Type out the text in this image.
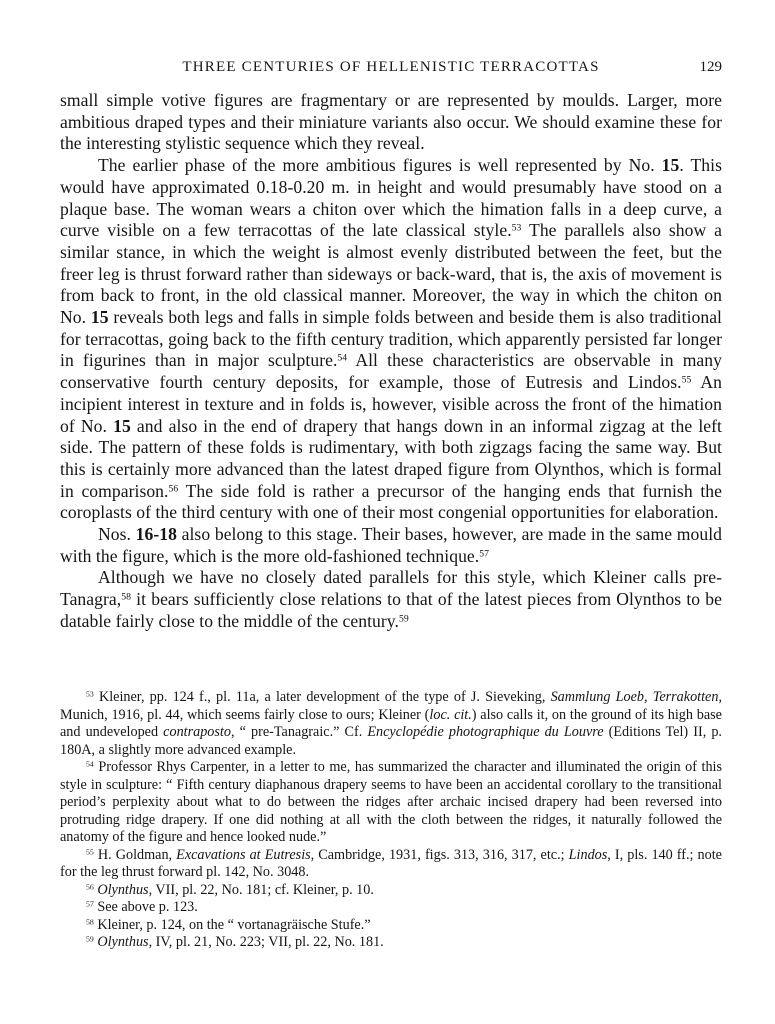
THREE CENTURIES OF HELLENISTIC TERRACOTTAS	129

small simple votive figures are fragmentary or are represented by moulds. Larger, more ambitious draped types and their miniature variants also occur. We should examine these for the interesting stylistic sequence which they reveal.

The earlier phase of the more ambitious figures is well represented by No. 15. This would have approximated 0.18-0.20 m. in height and would presumably have stood on a plaque base. The woman wears a chiton over which the himation falls in a deep curve, a curve visible on a few terracottas of the late classical style.$^{53}$ The parallels also show a similar stance, in which the weight is almost evenly distributed between the feet, but the freer leg is thrust forward rather than sideways or back-ward, that is, the axis of movement is from back to front, in the old classical manner. Moreover, the way in which the chiton on No. 15 reveals both legs and falls in simple folds between and beside them is also traditional for terracottas, going back to the fifth century tradition, which apparently persisted far longer in figurines than in major sculpture.$^{54}$ All these characteristics are observable in many conservative fourth century deposits, for example, those of Eutresis and Lindos.$^{55}$ An incipient interest in texture and in folds is, however, visible across the front of the himation of No. 15 and also in the end of drapery that hangs down in an informal zigzag at the left side. The pattern of these folds is rudimentary, with both zigzags facing the same way. But this is certainly more advanced than the latest draped figure from Olynthos, which is formal in comparison.$^{56}$ The side fold is rather a precursor of the hanging ends that furnish the coroplasts of the third century with one of their most congenial opportunities for elaboration.

Nos. 16-18 also belong to this stage. Their bases, however, are made in the same mould with the figure, which is the more old-fashioned technique.$^{57}$

Although we have no closely dated parallels for this style, which Kleiner calls pre-Tanagra,$^{58}$ it bears sufficiently close relations to that of the latest pieces from Olynthos to be datable fairly close to the middle of the century.$^{59}$

$^{53}$ Kleiner, pp. 124 f., pl. 11a, a later development of the type of J. Sieveking, Sammlung Loeb, Terrakotten, Munich, 1916, pl. 44, which seems fairly close to ours; Kleiner (loc. cit.) also calls it, on the ground of its high base and undeveloped contraposto, “ pre-Tanagraic.” Cf. Encyclopédie photographique du Louvre (Editions Tel) II, p. 180A, a slightly more advanced example.

$^{54}$ Professor Rhys Carpenter, in a letter to me, has summarized the character and illuminated the origin of this style in sculpture: “ Fifth century diaphanous drapery seems to have been an accidental corollary to the transitional period’s perplexity about what to do between the ridges after archaic incised drapery had been reversed into protruding ridge drapery. If one did nothing at all with the cloth between the ridges, it naturally followed the anatomy of the figure and hence looked nude.”

$^{55}$ H. Goldman, Excavations at Eutresis, Cambridge, 1931, figs. 313, 316, 317, etc.; Lindos, I, pls. 140 ff.; note for the leg thrust forward pl. 142, No. 3048.

$^{56}$ Olynthus, VII, pl. 22, No. 181; cf. Kleiner, p. 10.

$^{57}$ See above p. 123.

$^{58}$ Kleiner, p. 124, on the “ vortanagräische Stufe.”

$^{59}$ Olynthus, IV, pl. 21, No. 223; VII, pl. 22, No. 181.
